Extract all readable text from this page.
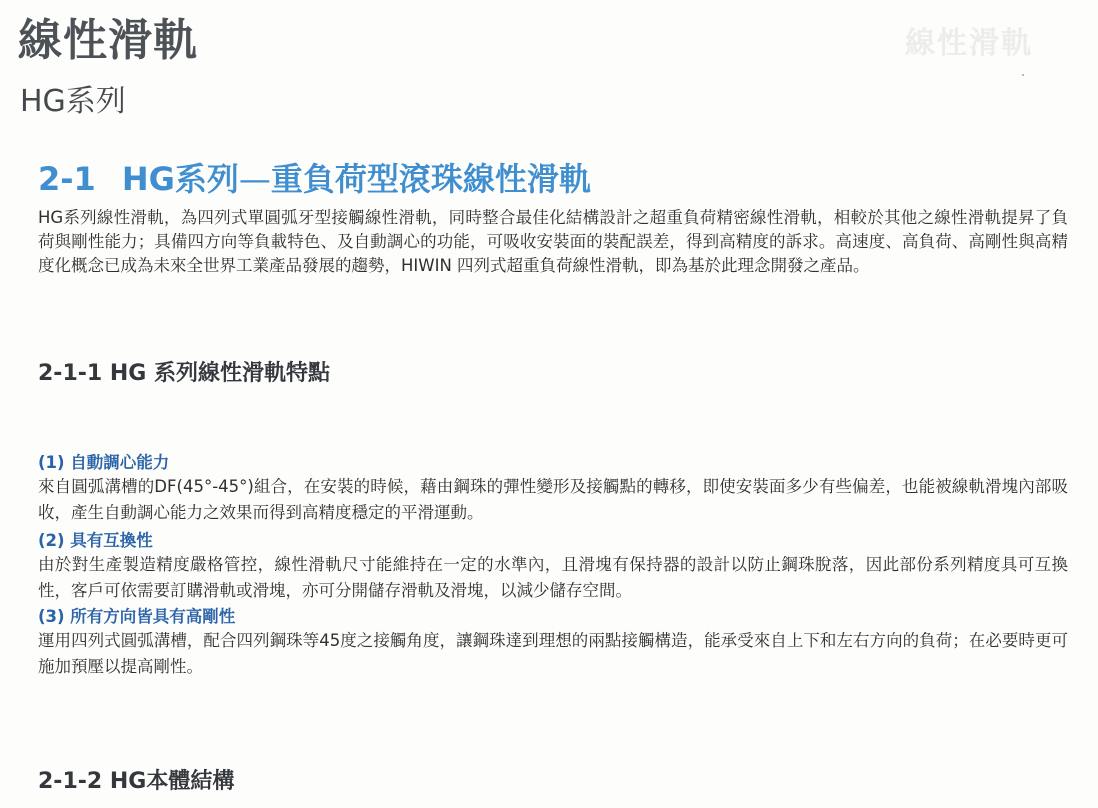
線性滑軌
線性滑軌
HG系列
2-1 HG系列—重負荷型滾珠線性滑軌

HG系列線性滑軌，為四列式單圓弧牙型接觸線性滑軌，同時整合最佳化結構設計之超重負荷精密線性滑軌，相較於其他之線性滑軌提昇了負荷與剛性能力；具備四方向等負載特色、及自動調心的功能，可吸收安裝面的裝配誤差，得到高精度的訴求。高速度、高負荷、高剛性與高精度化概念已成為未來全世界工業產品發展的趨勢，HIWIN 四列式超重負荷線性滑軌，即為基於此理念開發之產品。

2-1-1 HG 系列線性滑軌特點

(1) 自動調心能力

來自圓弧溝槽的DF(45°-45°)組合，在安裝的時候，藉由鋼珠的彈性變形及接觸點的轉移，即使安裝面多少有些偏差，也能被線軌滑塊內部吸收，產生自動調心能力之效果而得到高精度穩定的平滑運動。

(2) 具有互換性

由於對生產製造精度嚴格管控，線性滑軌尺寸能維持在一定的水準內，且滑塊有保持器的設計以防止鋼珠脫落，因此部份系列精度具可互換性，客戶可依需要訂購滑軌或滑塊，亦可分開儲存滑軌及滑塊，以減少儲存空間。

(3) 所有方向皆具有高剛性

運用四列式圓弧溝槽，配合四列鋼珠等45度之接觸角度，讓鋼珠達到理想的兩點接觸構造，能承受來自上下和左右方向的負荷；在必要時更可施加預壓以提高剛性。

2-1-2 HG本體結構
